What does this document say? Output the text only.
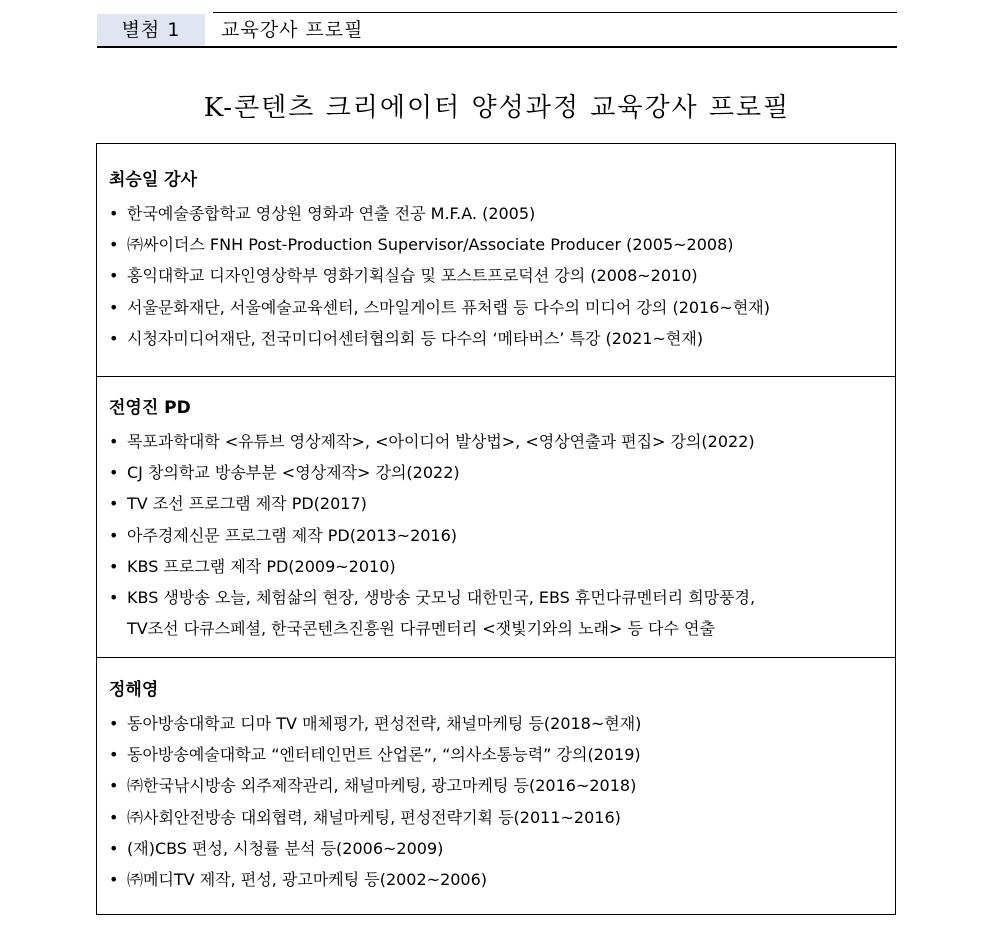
별첨 1	교육강사 프로필
K-콘텐츠 크리에이터 양성과정 교육강사 프로필
최승일 강사
• 한국예술종합학교 영상원 영화과 연출 전공 M.F.A. (2005)
• ㈜싸이더스 FNH Post-Production Supervisor/Associate Producer (2005~2008)
• 홍익대학교 디자인영상학부 영화기획실습 및 포스트프로덕션 강의 (2008~2010)
• 서울문화재단, 서울예술교육센터, 스마일게이트 퓨처랩 등 다수의 미디어 강의 (2016~현재)
• 시청자미디어재단, 전국미디어센터협의회 등 다수의 ‘메타버스’ 특강 (2021~현재)
전영진 PD
• 목포과학대학 <유튜브 영상제작>, <아이디어 발상법>, <영상연출과 편집> 강의(2022)
• CJ 창의학교 방송부분 <영상제작> 강의(2022)
• TV 조선 프로그램 제작 PD(2017)
• 아주경제신문 프로그램 제작 PD(2013~2016)
• KBS 프로그램 제작 PD(2009~2010)
• KBS 생방송 오늘, 체험삶의 현장, 생방송 굿모닝 대한민국, EBS 휴먼다큐멘터리 희망풍경,
TV조선 다큐스페셜, 한국콘텐츠진흥원 다큐멘터리 <잿빛기와의 노래> 등 다수 연출
정해영
• 동아방송대학교 디마 TV 매체평가, 편성전략, 채널마케팅 등(2018~현재)
• 동아방송예술대학교 “엔터테인먼트 산업론”, “의사소통능력” 강의(2019)
• ㈜한국낚시방송 외주제작관리, 채널마케팅, 광고마케팅 등(2016~2018)
• ㈜사회안전방송 대외협력, 채널마케팅, 편성전략기획 등(2011~2016)
• (재)CBS 편성, 시청률 분석 등(2006~2009)
• ㈜메디TV 제작, 편성, 광고마케팅 등(2002~2006)
